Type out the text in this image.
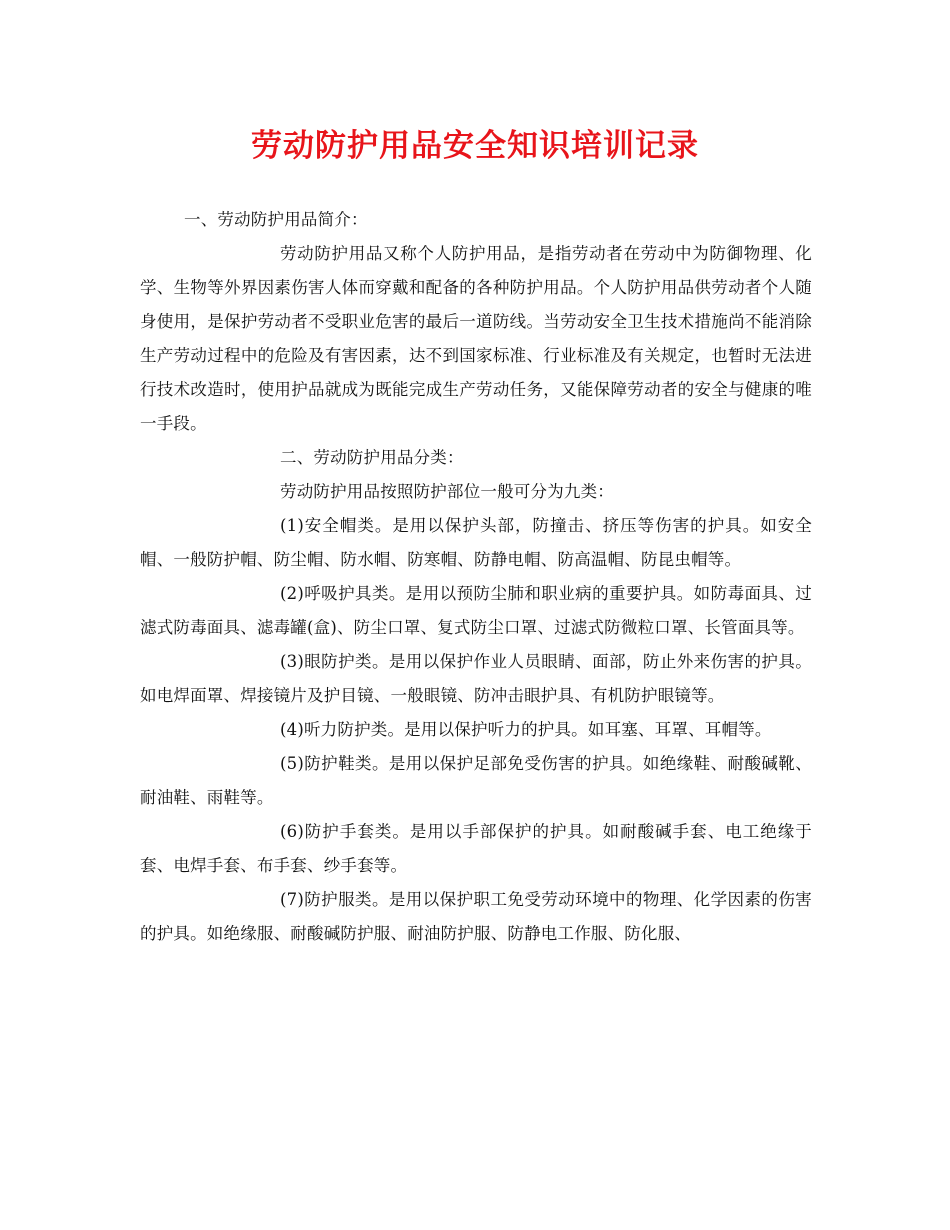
劳动防护用品安全知识培训记录

一、劳动防护用品简介：

劳动防护用品又称个人防护用品，是指劳动者在劳动中为防御物理、化学、生物等外界因素伤害人体而穿戴和配备的各种防护用品。个人防护用品供劳动者个人随身使用，是保护劳动者不受职业危害的最后一道防线。当劳动安全卫生技术措施尚不能消除生产劳动过程中的危险及有害因素，达不到国家标准、行业标准及有关规定，也暂时无法进行技术改造时，使用护品就成为既能完成生产劳动任务，又能保障劳动者的安全与健康的唯一手段。

二、劳动防护用品分类：

劳动防护用品按照防护部位一般可分为九类：

(1)安全帽类。是用以保护头部，防撞击、挤压等伤害的护具。如安全帽、一般防护帽、防尘帽、防水帽、防寒帽、防静电帽、防高温帽、防昆虫帽等。

(2)呼吸护具类。是用以预防尘肺和职业病的重要护具。如防毒面具、过滤式防毒面具、滤毒罐(盒)、防尘口罩、复式防尘口罩、过滤式防微粒口罩、长管面具等。

(3)眼防护类。是用以保护作业人员眼睛、面部，防止外来伤害的护具。如电焊面罩、焊接镜片及护目镜、一般眼镜、防冲击眼护具、有机防护眼镜等。

(4)听力防护类。是用以保护听力的护具。如耳塞、耳罩、耳帽等。

(5)防护鞋类。是用以保护足部免受伤害的护具。如绝缘鞋、耐酸碱靴、耐油鞋、雨鞋等。

(6)防护手套类。是用以手部保护的护具。如耐酸碱手套、电工绝缘于套、电焊手套、布手套、纱手套等。

(7)防护服类。是用以保护职工免受劳动环境中的物理、化学因素的伤害的护具。如绝缘服、耐酸碱防护服、耐油防护服、防静电工作服、防化服、
